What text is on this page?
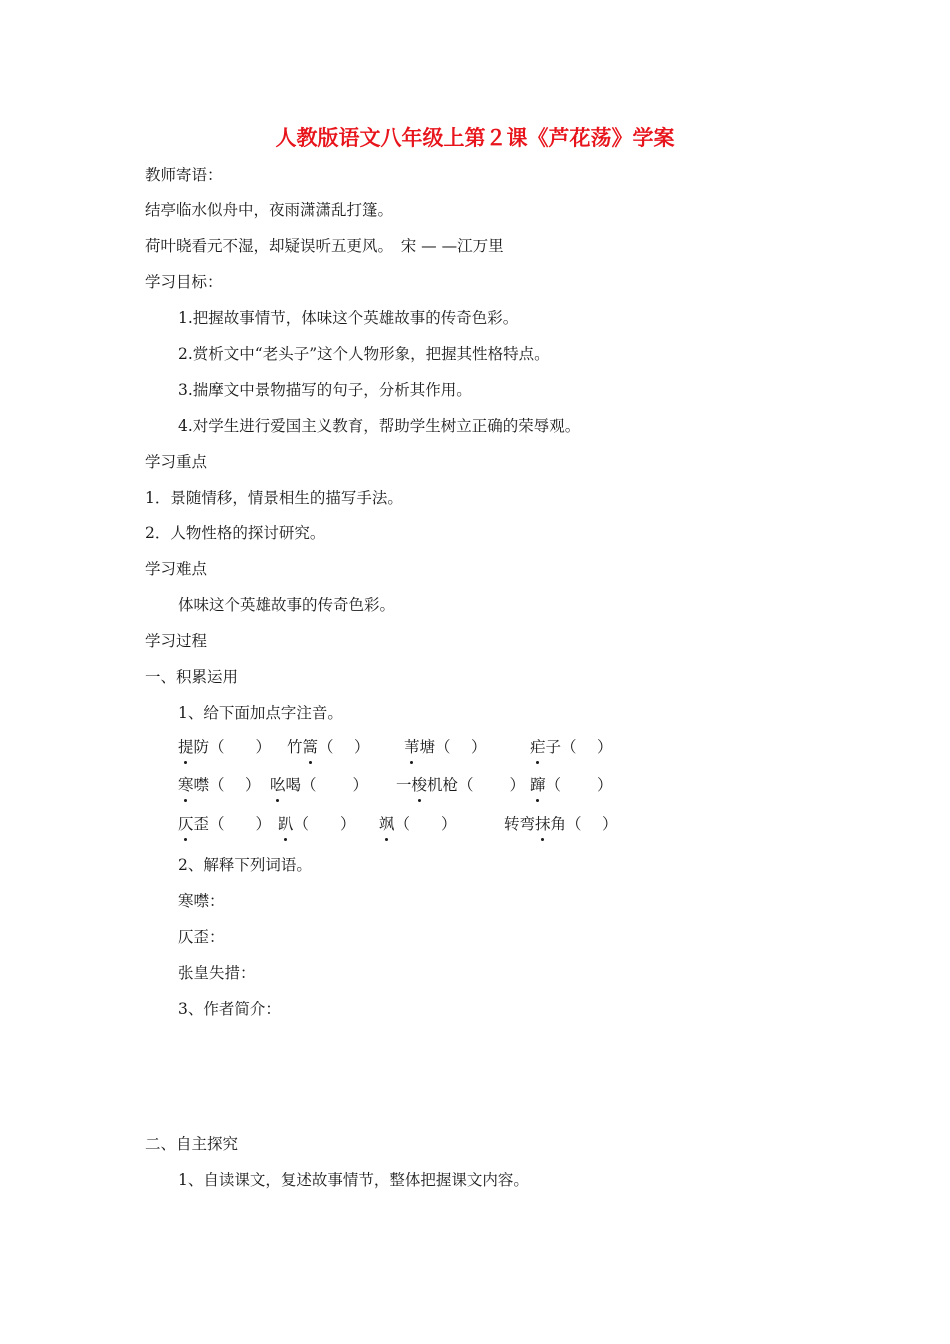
人教版语文八年级上第２课《芦花荡》学案
教师寄语：
结亭临水似舟中，夜雨潇潇乱打篷。
荷叶晓看元不湿，却疑误听五更风。　宋 — —江万里
学习目标：
1.把握故事情节，体味这个英雄故事的传奇色彩。
2.赏析文中“老头子”这个人物形象，把握其性格特点。
3.揣摩文中景物描写的句子，分析其作用。
4.对学生进行爱国主义教育，帮助学生树立正确的荣辱观。
学习重点
1．景随情移，情景相生的描写手法。
2．人物性格的探讨研究。
学习难点
体味这个英雄故事的传奇色彩。
学习过程
一、积累运用
1、给下面加点字注音。
提防（　　） 竹篙（　 ） 苇塘（　 ）	疟子（　 ）
寒噤（　 ） 吆喝（　　 ） 一梭机枪（　　 ） 蹿（　　 ）
仄歪（　　） 趴（　　） 飒（　　）	转弯抹角（　 ）
2、解释下列词语。
寒噤：
仄歪：
张皇失措：
3、作者简介：
二、自主探究
1、自读课文，复述故事情节，整体把握课文内容。
